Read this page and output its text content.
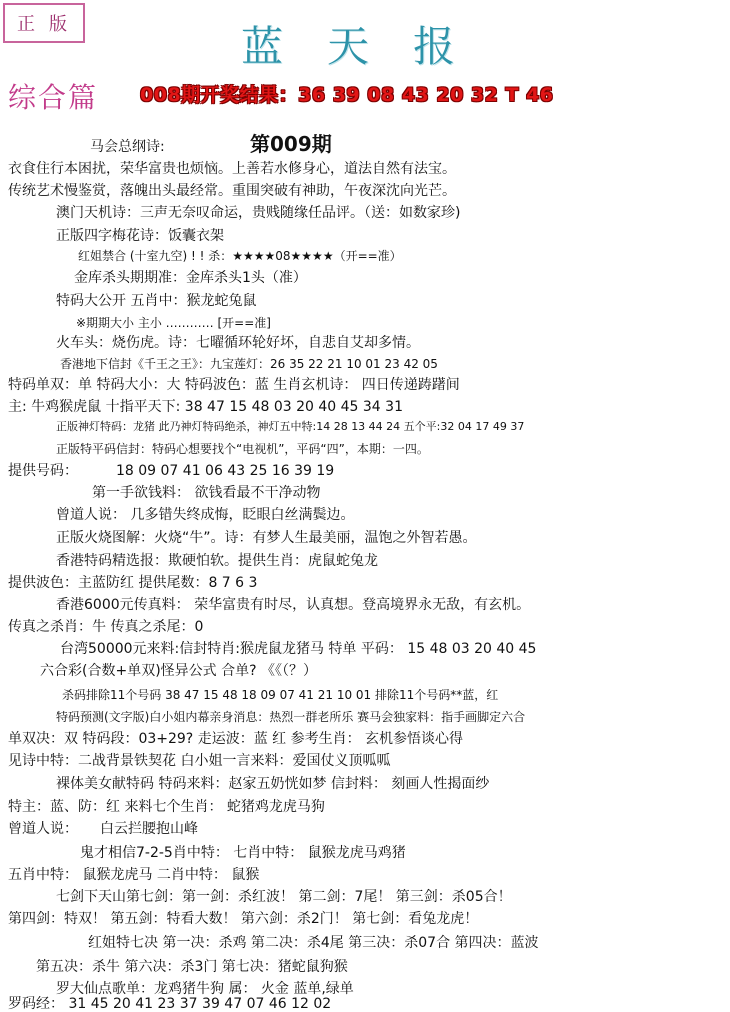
正版	蓝天报
综合篇 008期开奖结果：36 39 08 43 20 32 T 46
第009期
马会总纲诗:
衣食住行本困扰，荣华富贵也烦恼。上善若水修身心，道法自然有法宝。
传统艺术慢鉴赏，落魄出头最经常。重围突破有神助，午夜深沈向光芒。
澳门天机诗：三声无奈叹命运，贵贱随缘任品评。（送：如数家珍)
正版四字梅花诗：饭囊衣架
红姐禁合 (十室九空) ! ! 杀：★★★★08★★★★（开==准）
金库杀头期期准：金库杀头1头（准）
特码大公开 五肖中：猴龙蛇兔鼠
※期期大小 主小 ………… [开==准]
火车头：烧伤虎。诗：七曜循环轮好坏，自悲自艾却多情。
香港地下信封《千王之王》：九宝莲灯：26 35 22 21 10 01 23 42 05
特码单双：单 特码大小：大 特码波色：蓝 生肖玄机诗： 四日传递踌躇间
主: 牛鸡猴虎鼠 十指平天下: 38 47 15 48 03 20 40 45 34 31
正版神灯特码：龙猪 此乃神灯特码绝杀，神灯五中特:14 28 13 44 24 五个平:32 04 17 49 37
正版特平码信封：特码心想要找个“电视机”，平码“四”，本期：一四。
提供号码：	18 09 07 41 06 43 25 16 39 19
第一手欲钱料： 欲钱看最不干净动物
曾道人说： 几多错失终成悔，眨眼白丝满鬓边。
正版火烧图解：火烧“牛”。诗：有梦人生最美丽，温饱之外智若愚。
香港特码精选报：欺硬怕软。提供生肖：虎鼠蛇兔龙
提供波色：主蓝防红 提供尾数：8 7 6 3
香港6000元传真料： 荣华富贵有时尽，认真想。登高境界永无敌，有玄机。
传真之杀肖：牛 传真之杀尾：0
台湾50000元来料:信封特肖:猴虎鼠龙猪马 特单 平码： 15 48 03 20 40 45
六合彩(合数+单双)怪异公式 合单? 《《（？）
杀码排除11个号码 38 47 15 48 18 09 07 41 21 10 01 排除11个号码**蓝，红
特码预测(文字版)白小姐内幕亲身消息：热烈一群老所乐 赛马会独家料：指手画脚定六合
单双决：双 特码段：03+29? 走运波：蓝 红 参考生肖： 玄机参悟谈心得
见诗中特：二战背景铁契花 白小姐一言来料：爱国仗义顶呱呱
裸体美女献特码 特码来料：赵家五奶恍如梦 信封料： 刻画人性揭面纱
特主：蓝、防：红 来料七个生肖： 蛇猪鸡龙虎马狗
曾道人说： 白云拦腰抱山峰
鬼才相信7-2-5肖中特： 七肖中特： 鼠猴龙虎马鸡猪
五肖中特： 鼠猴龙虎马 二肖中特： 鼠猴
七剑下天山第七剑：第一剑：杀红波！ 第二剑：7尾！ 第三剑：杀05合！
第四剑：特双！ 第五剑：特看大数！ 第六剑：杀2门！ 第七剑：看兔龙虎！
红姐特七决 第一决：杀鸡 第二决：杀4尾 第三决：杀07合 第四决：蓝波
第五决：杀牛 第六决：杀3门 第七决：猪蛇鼠狗猴
罗大仙点歌单：龙鸡猪牛狗 属： 火金 蓝单,绿单
罗码经： 31 45 20 41 23 37 39 47 07 46 12 02
